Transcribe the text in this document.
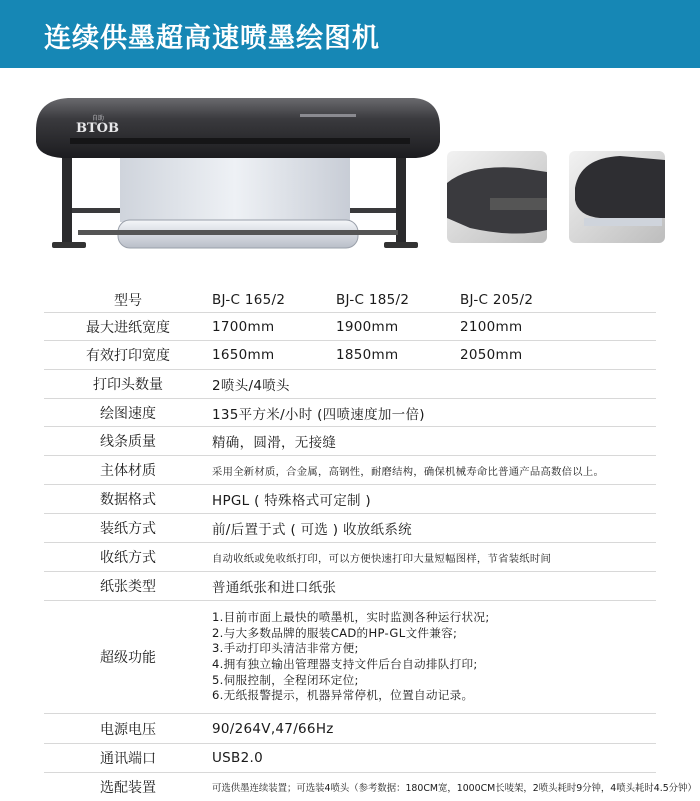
连续供墨超高速喷墨绘图机
BTOB
自助
型号	BJ-C 165/2	BJ-C 185/2	BJ-C 205/2
最大进纸宽度	1700mm	1900mm	2100mm
有效打印宽度	1650mm	1850mm	2050mm
打印头数量	2喷头/4喷头
绘图速度	135平方米/小时 (四喷速度加一倍)
线条质量	精确，圆滑，无接缝
主体材质	采用全新材质，合金属，高钢性，耐磨结构，确保机械寿命比普通产品高数倍以上。
数据格式	HPGL ( 特殊格式可定制 )
装纸方式	前/后置于式 ( 可选 ) 收放纸系统
收纸方式	自动收纸或免收纸打印，可以方便快速打印大量短幅图样，节省装纸时间
纸张类型	普通纸张和进口纸张
超级功能
1.目前市面上最快的喷墨机，实时监测各种运行状况;
2.与大多数品牌的服装CAD的HP-GL文件兼容;
3.手动打印头清洁非常方便;
4.拥有独立输出管理器支持文件后台自动排队打印;
5.伺服控制，全程闭环定位;
6.无纸报警提示，机器异常停机，位置自动记录。
电源电压	90/264V,47/66Hz
通讯端口	USB2.0
选配装置	可选供墨连续装置；可选装4喷头（参考数据：180CM宽，1000CM长唛架，2喷头耗时9分钟，4喷头耗时4.5分钟）
